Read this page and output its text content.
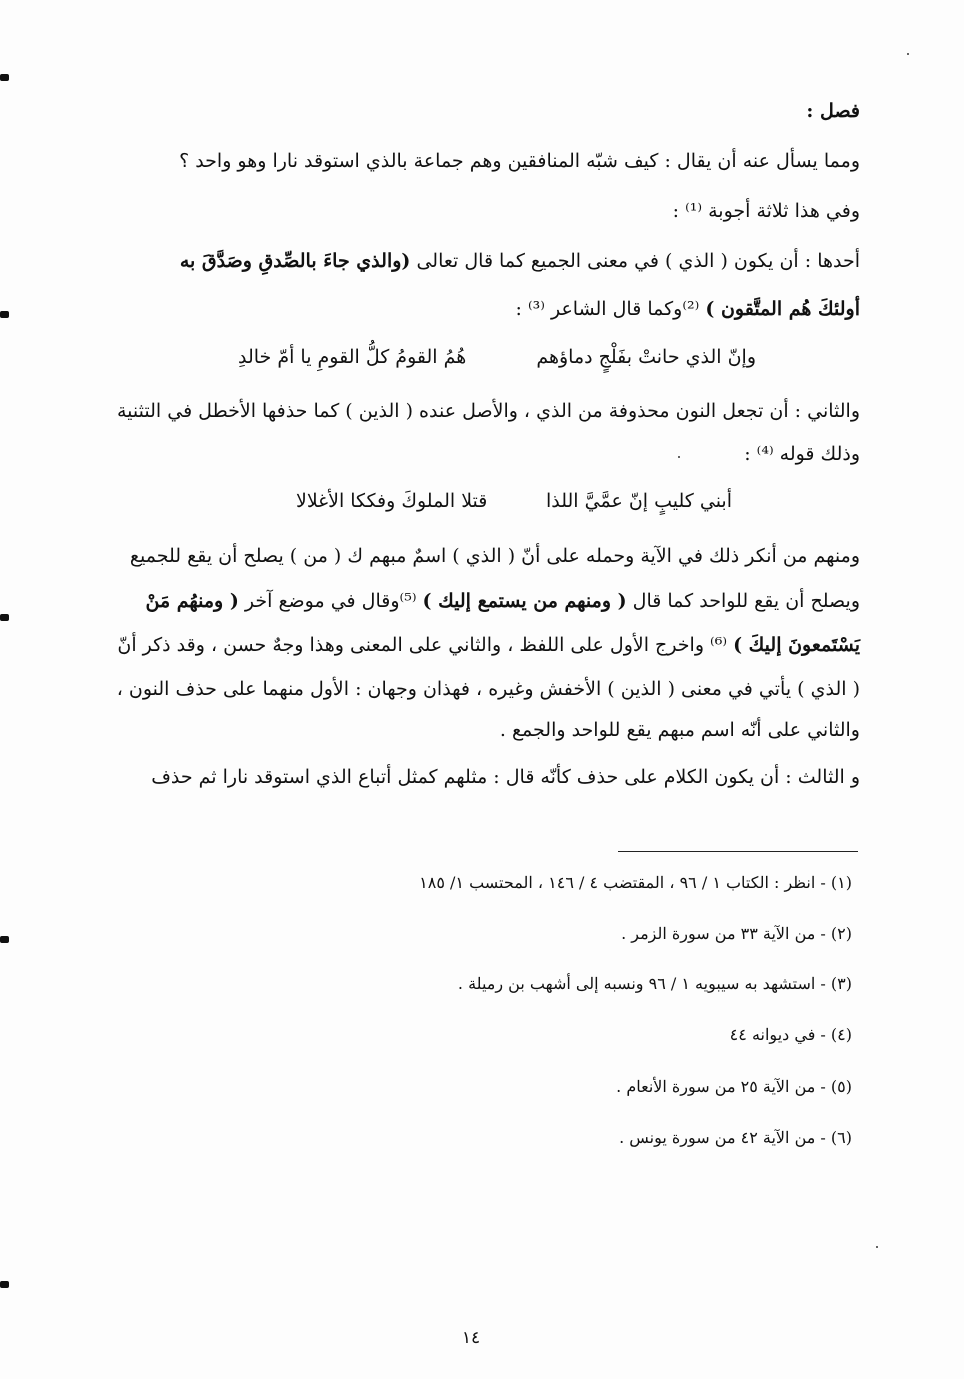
فصل :
ومما يسأل عنه أن يقال : كيف شبّه المنافقين وهم جماعة بالذي استوقد نارا وهو واحد ؟
وفي هذا ثلاثة أجوبة ⁽¹⁾ :
أحدها : أن يكون ( الذي ) في معنى الجميع كما قال تعالى (والذي جاءَ بالصِّدقِ وصَدَّقَ به
أولئكَ هُم المتَّقون ) ⁽²⁾وكما قال الشاعر ⁽³⁾ :
وإنّ الذي حانتْ بفَلْجٍ دماؤهم
هُمُ القومُ كلُّ القومِ يا أمّ خالدِ
والثاني : أن تجعل النون محذوفة من الذي ، والأصل عنده ( الذين ) كما حذفها الأخطل في التثنية
وذلك قوله ⁽⁴⁾ :
أبني كليبٍ إنّ عمَّيَّ اللذا
قتلا الملوكَ وفككا الأغلالا
ومنهم من أنكر ذلك في الآية وحمله على أنّ ( الذي ) اسمٌ مبهم ك ( من ) يصلح أن يقع للجميع
ويصلح أن يقع للواحد كما قال ( ومنهم من يستمع إليك ) ⁽⁵⁾وقال في موضع آخر ( ومنهُم مَنْ
يَسْتَمعونَ إليكَ ) ⁽⁶⁾ واخرج الأول على اللفظ ، والثاني على المعنى وهذا وجهٌ حسن ، وقد ذكر أنّ
( الذي ) يأتي في معنى ( الذين ) الأخفش وغيره ، فهذان وجهان : الأول منهما على حذف النون ،
والثاني على أنّه اسم مبهم يقع للواحد والجمع .
و الثالث : أن يكون الكلام على حذف كأنّه قال : مثلهم كمثل أتباع الذي استوقد نارا ثم حذف
(١) - انظر : الكتاب ١ / ٩٦ ، المقتضب ٤ / ١٤٦ ، المحتسب ١/ ١٨٥
(٢) - من الآية ٣٣ من سورة الزمر .
(٣) - استشهد به سيبويه ١ / ٩٦ ونسبه إلى أشهب بن رميلة .
(٤) - في ديوانه ٤٤
(٥) - من الآية ٢٥ من سورة الأنعام .
(٦) - من الآية ٤٢ من سورة يونس .
١٤
